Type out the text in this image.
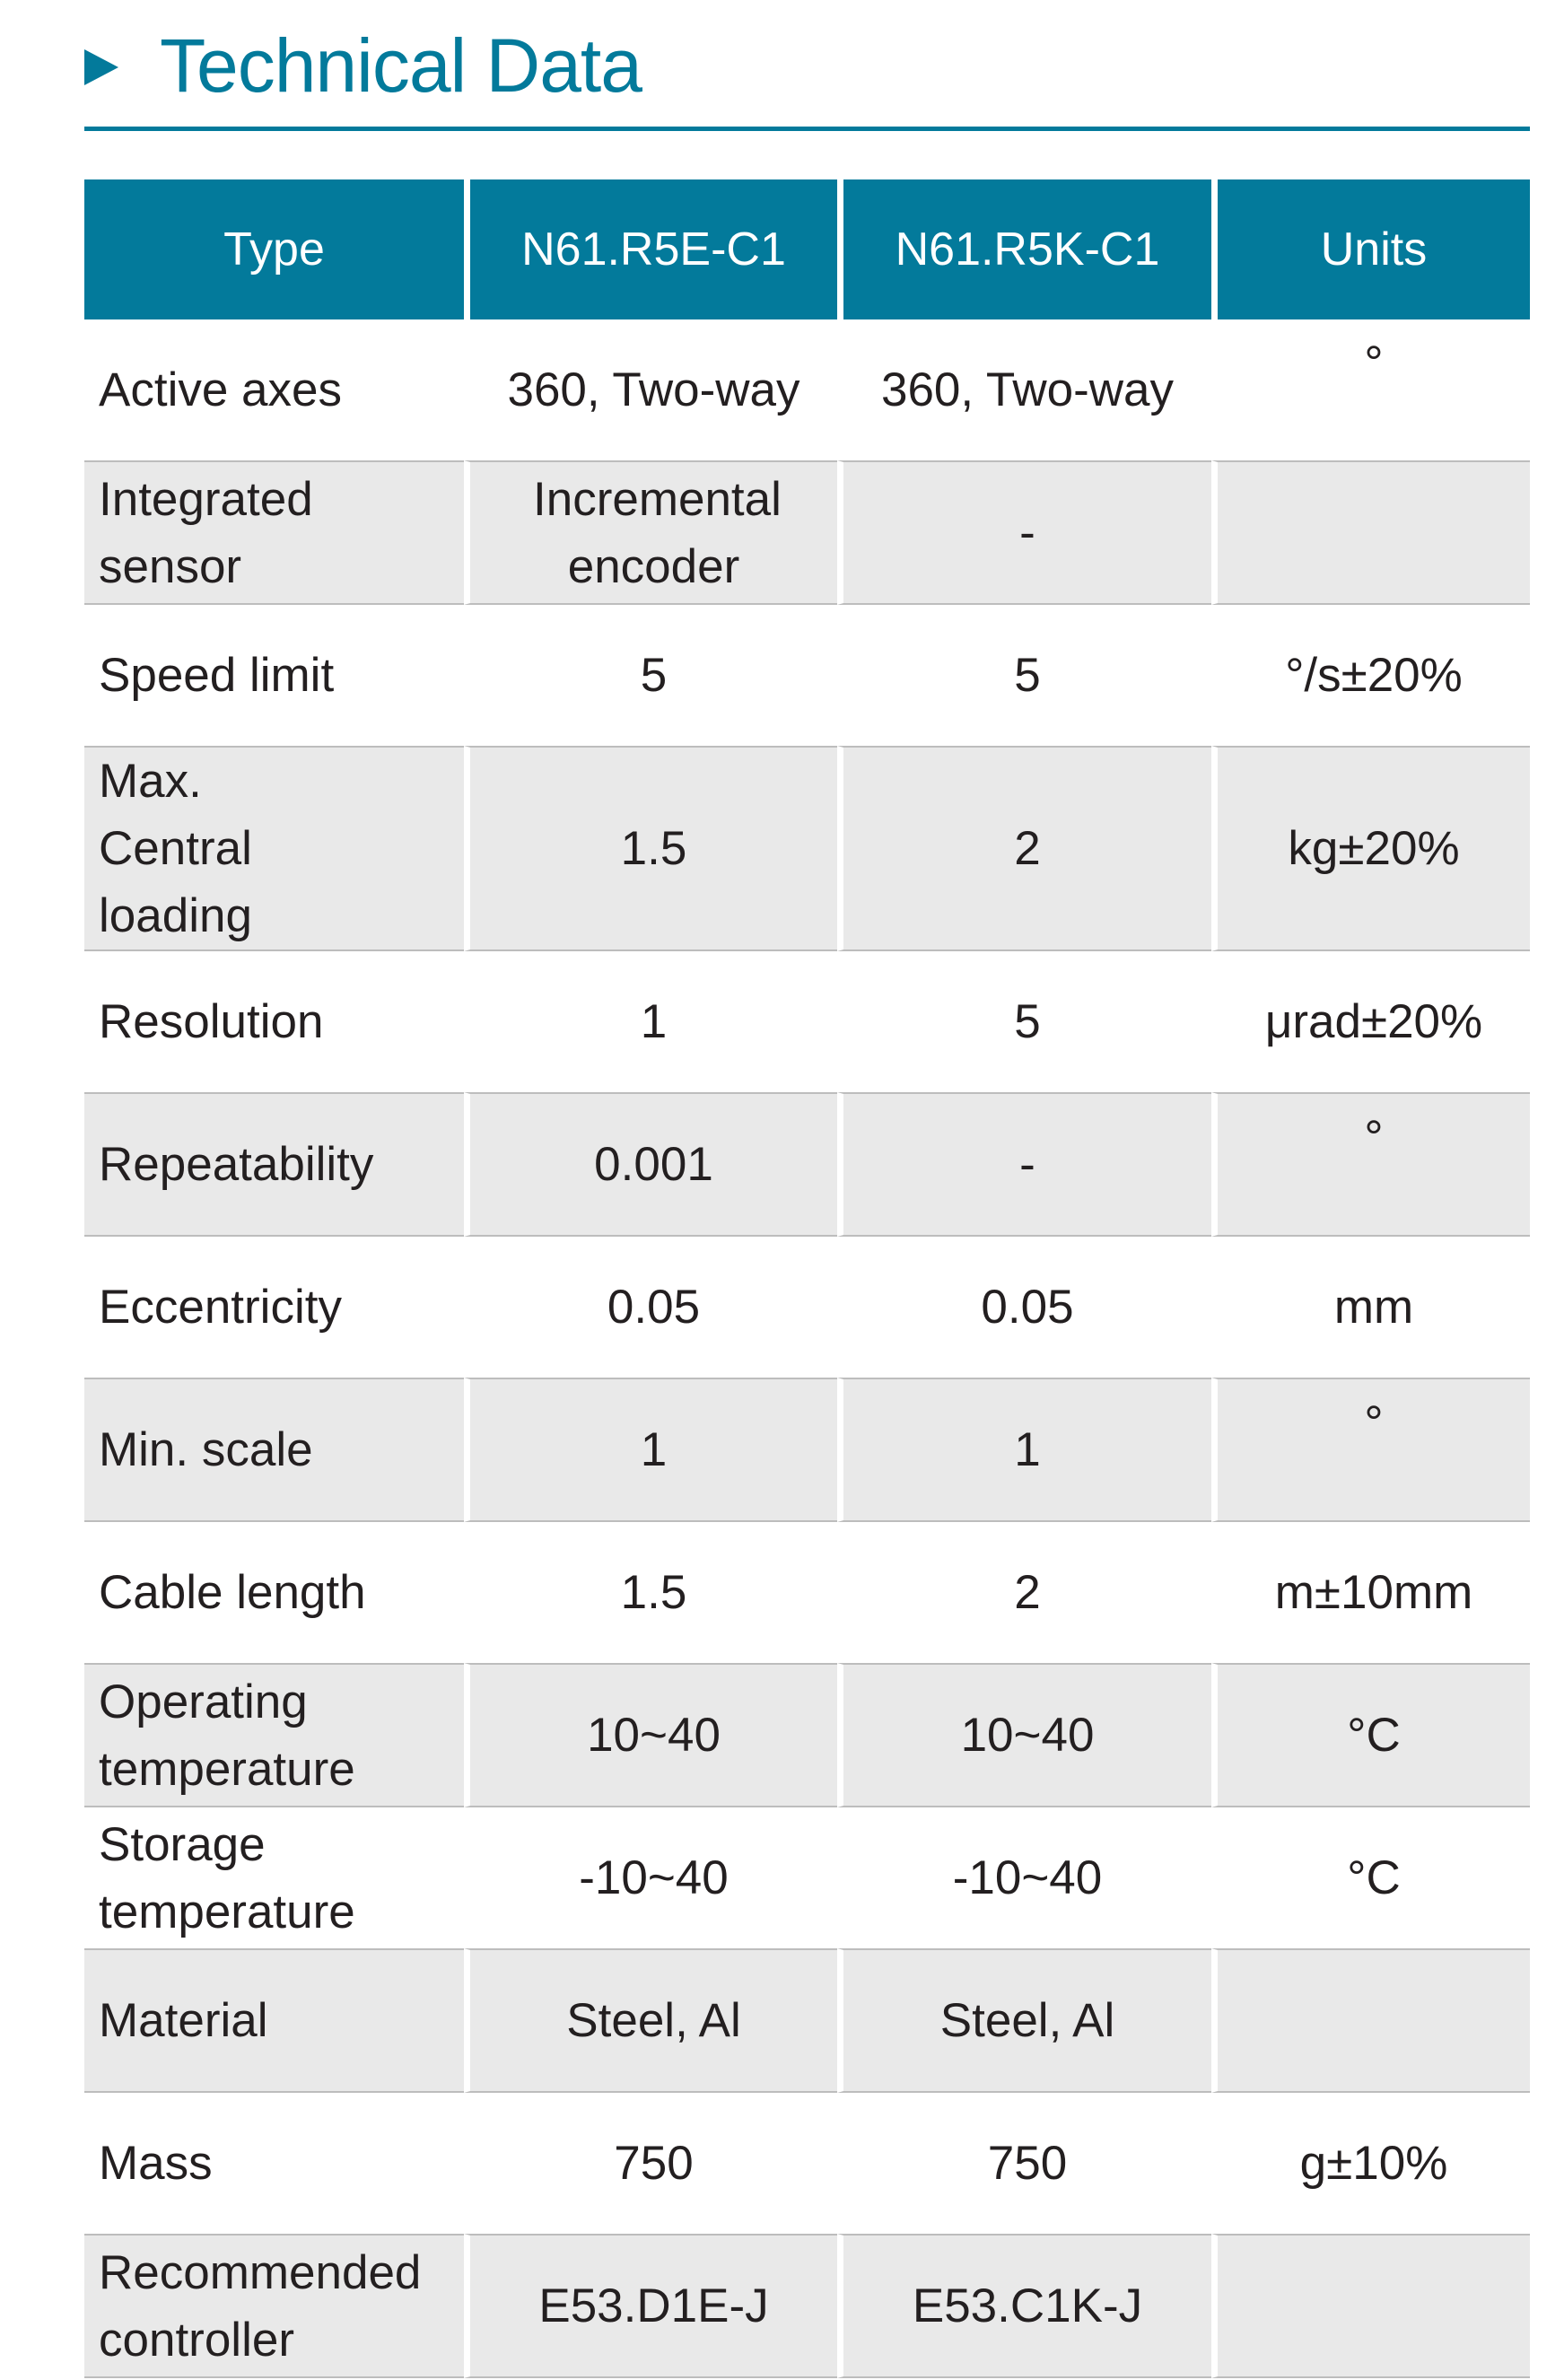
Technical Data
Type	N61.R5E-C1	N61.R5K-C1	Units
Active axes	360, Two-way	360, Two-way	°
Integrated sensor	Incremental encoder	-	
Speed limit	5	5	°/s±20%
Max. Central loading	1.5	2	kg±20%
Resolution	1	5	μrad±20%
Repeatability	0.001	-	°
Eccentricity	0.05	0.05	mm
Min. scale	1	1	°
Cable length	1.5	2	m±10mm
Operating temperature	10~40	10~40	°C
Storage temperature	-10~40	-10~40	°C
Material	Steel, Al	Steel, Al	
Mass	750	750	g±10%
Recommended controller	E53.D1E-J	E53.C1K-J	
